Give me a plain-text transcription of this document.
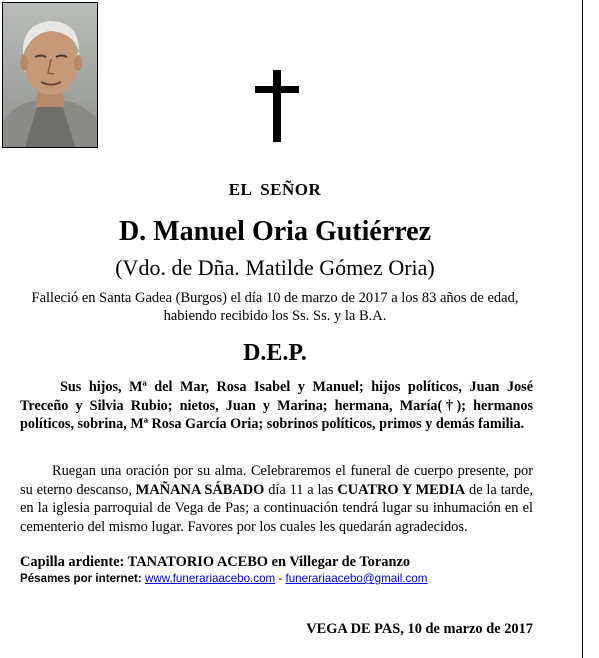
EL SEÑOR

D. Manuel Oria Gutiérrez

(Vdo. de Dña. Matilde Gómez Oria)

Falleció en Santa Gadea (Burgos) el día 10 de marzo de 2017 a los 83 años de edad, habiendo recibido los Ss. Ss. y la B.A.

D.E.P.

Sus hijos, Mª del Mar, Rosa Isabel y Manuel; hijos políticos, Juan José Treceño y Silvia Rubio; nietos, Juan y Marina; hermana, María(†); hermanos políticos, sobrina, Mª Rosa García Oria; sobrinos políticos, primos y demás familia.

Ruegan una oración por su alma. Celebraremos el funeral de cuerpo presente, por su eterno descanso, MAÑANA SÁBADO día 11 a las CUATRO Y MEDIA de la tarde, en la iglesia parroquial de Vega de Pas; a continuación tendrá lugar su inhumación en el cementerio del mismo lugar. Favores por los cuales les quedarán agradecidos.

Capilla ardiente: TANATORIO ACEBO en Villegar de Toranzo

Pésames por internet: www.funerariaacebo.com - funerariaacebo@gmail.com

VEGA DE PAS, 10 de marzo de 2017
